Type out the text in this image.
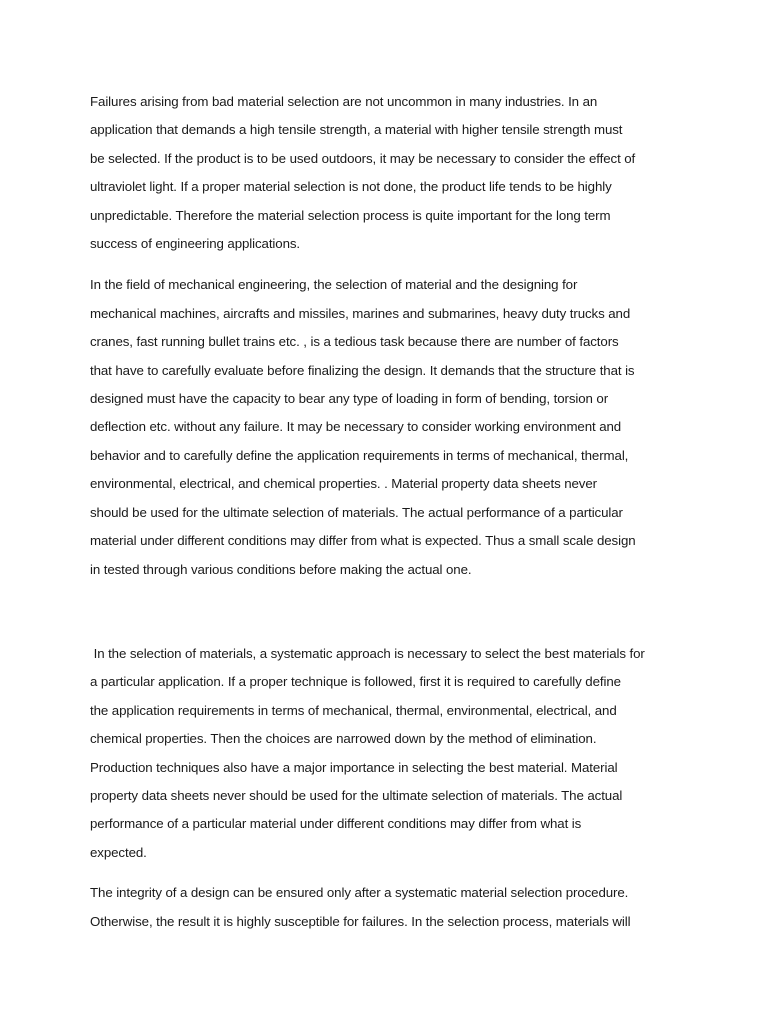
Failures arising from bad material selection are not uncommon in many industries. In an
application that demands a high tensile strength, a material with higher tensile strength must
be selected. If the product is to be used outdoors, it may be necessary to consider the effect of
ultraviolet light. If a proper material selection is not done, the product life tends to be highly
unpredictable. Therefore the material selection process is quite important for the long term
success of engineering applications.

In the field of mechanical engineering, the selection of material and the designing for
mechanical machines, aircrafts and missiles, marines and submarines, heavy duty trucks and
cranes, fast running bullet trains etc. , is a tedious task because there are number of factors
that have to carefully evaluate before finalizing the design. It demands that the structure that is
designed must have the capacity to bear any type of loading in form of bending, torsion or
deflection etc. without any failure. It may be necessary to consider working environment and
behavior and to carefully define the application requirements in terms of mechanical, thermal,
environmental, electrical, and chemical properties. . Material property data sheets never
should be used for the ultimate selection of materials. The actual performance of a particular
material under different conditions may differ from what is expected. Thus a small scale design
in tested through various conditions before making the actual one.

In the selection of materials, a systematic approach is necessary to select the best materials for
a particular application. If a proper technique is followed, first it is required to carefully define
the application requirements in terms of mechanical, thermal, environmental, electrical, and
chemical properties. Then the choices are narrowed down by the method of elimination.
Production techniques also have a major importance in selecting the best material. Material
property data sheets never should be used for the ultimate selection of materials. The actual
performance of a particular material under different conditions may differ from what is
expected.

The integrity of a design can be ensured only after a systematic material selection procedure.
Otherwise, the result it is highly susceptible for failures. In the selection process, materials will
